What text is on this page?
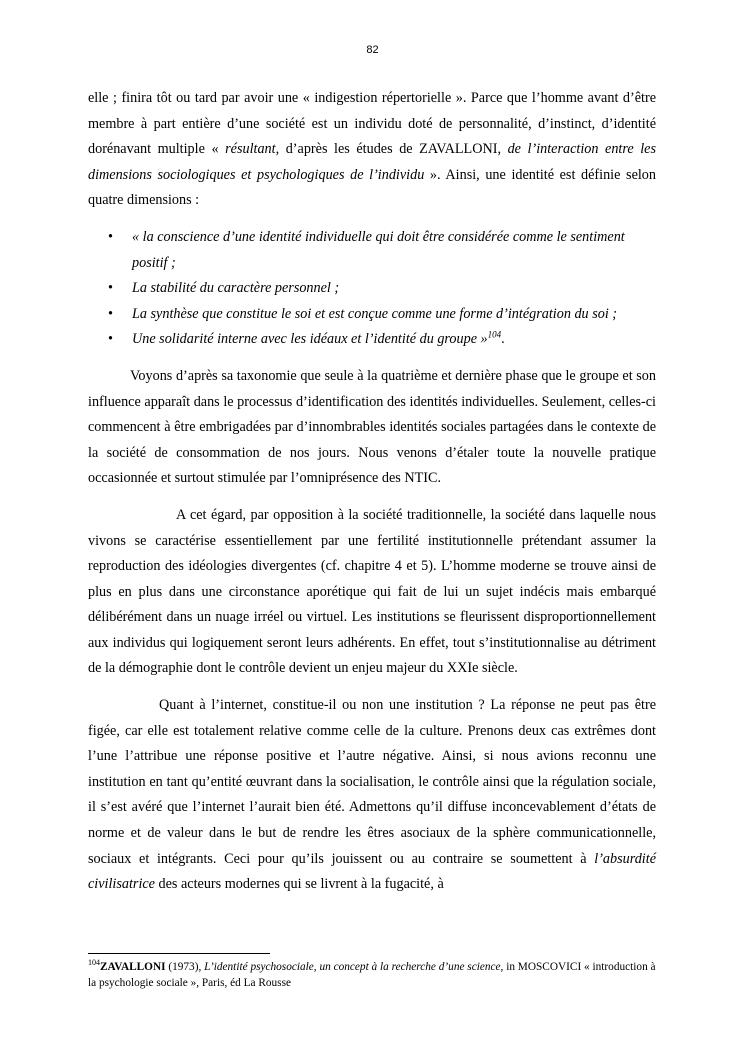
82

elle ; finira tôt ou tard par avoir une « indigestion répertorielle ». Parce que l’homme avant d’être membre à part entière d’une société est un individu doté de personnalité, d’instinct, d’identité dorénavant multiple « résultant, d’après les études de ZAVALLONI, de l’interaction entre les dimensions sociologiques et psychologiques de l’individu ». Ainsi, une identité est définie selon quatre dimensions :

• « la conscience d’une identité individuelle qui doit être considérée comme le sentiment positif ;
• La stabilité du caractère personnel ;
• La synthèse que constitue le soi et est conçue comme une forme d’intégration du soi ;
• Une solidarité interne avec les idéaux et l’identité du groupe »$^{104}$.

Voyons d’après sa taxonomie que seule à la quatrième et dernière phase que le groupe et son influence apparaît dans le processus d’identification des identités individuelles. Seulement, celles-ci commencent à être embrigadées par d’innombrables identités sociales partagées dans le contexte de la société de consommation de nos jours. Nous venons d’étaler toute la nouvelle pratique occasionnée et surtout stimulée par l’omniprésence des NTIC.

A cet égard, par opposition à la société traditionnelle, la société dans laquelle nous vivons se caractérise essentiellement par une fertilité institutionnelle prétendant assumer la reproduction des idéologies divergentes (cf. chapitre 4 et 5). L’homme moderne se trouve ainsi de plus en plus dans une circonstance aporétique qui fait de lui un sujet indécis mais embarqué délibérément dans un nuage irréel ou virtuel. Les institutions se fleurissent disproportionnellement aux individus qui logiquement seront leurs adhérents. En effet, tout s’institutionnalise au détriment de la démographie dont le contrôle devient un enjeu majeur du XXIe siècle.

Quant à l’internet, constitue-il ou non une institution ? La réponse ne peut pas être figée, car elle est totalement relative comme celle de la culture. Prenons deux cas extrêmes dont l’une l’attribue une réponse positive et l’autre négative. Ainsi, si nous avions reconnu une institution en tant qu’entité œuvrant dans la socialisation, le contrôle ainsi que la régulation sociale, il s’est avéré que l’internet l’aurait bien été. Admettons qu’il diffuse inconcevablement d’états de norme et de valeur dans le but de rendre les êtres asociaux de la sphère communicationnelle, sociaux et intégrants. Ceci pour qu’ils jouissent ou au contraire se soumettent à l’absurdité civilisatrice des acteurs modernes qui se livrent à la fugacité, à

$^{104}$ZAVALLONI (1973), L’identité psychosociale, un concept à la recherche d’une science, in MOSCOVICI « introduction à la psychologie sociale », Paris, éd La Rousse
